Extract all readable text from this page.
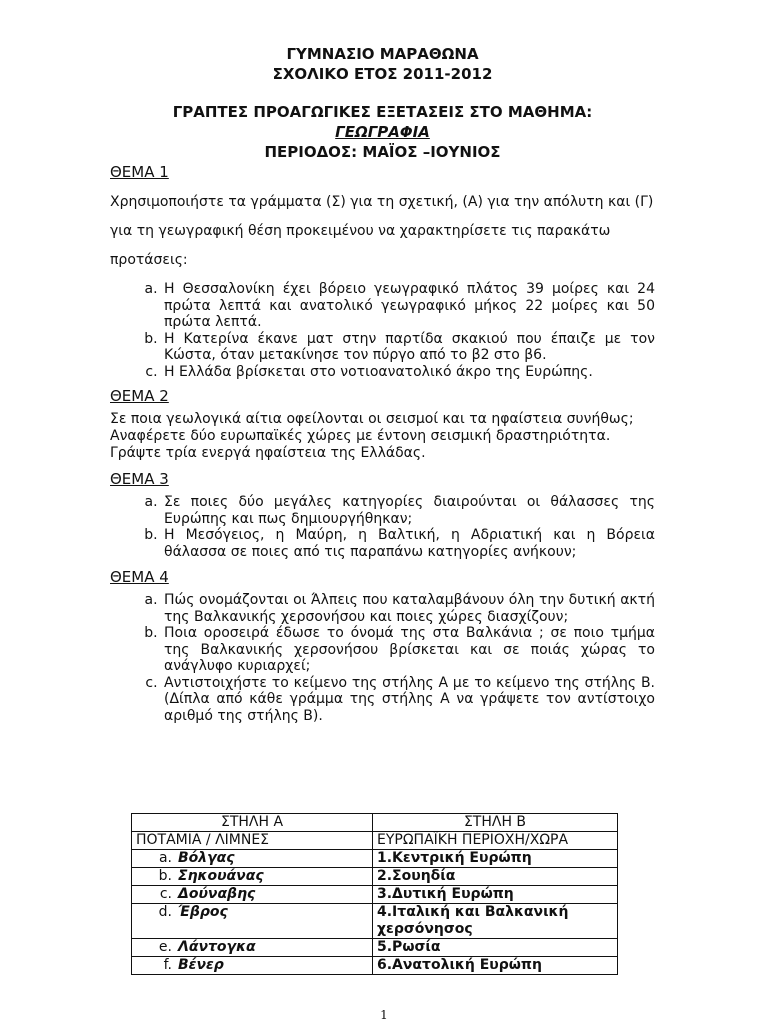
ΓΥΜΝΑΣΙΟ ΜΑΡΑΘΩΝΑ
ΣΧΟΛΙΚΟ ΕΤΟΣ 2011-2012
ΓΡΑΠΤΕΣ ΠΡΟΑΓΩΓΙΚΕΣ ΕΞΕΤΑΣΕΙΣ ΣΤΟ ΜΑΘΗΜΑ:
ΓΕΩΓΡΑΦΙΑ
ΠΕΡΙΟΔΟΣ: ΜΑΪΟΣ –ΙΟΥΝΙΟΣ
ΘΕΜΑ 1

Χρησιμοποιήστε τα γράμματα (Σ) για τη σχετική, (Α) για την απόλυτη και (Γ) για τη γεωγραφική θέση προκειμένου να χαρακτηρίσετε τις παρακάτω προτάσεις:

a. Η Θεσσαλονίκη έχει βόρειο γεωγραφικό πλάτος 39 μοίρες και 24 πρώτα λεπτά και ανατολικό γεωγραφικό μήκος 22 μοίρες και 50 πρώτα λεπτά.
b. Η Κατερίνα έκανε ματ στην παρτίδα σκακιού που έπαιζε με τον Κώστα, όταν μετακίνησε τον πύργο από το β2 στο β6.
c. Η Ελλάδα βρίσκεται στο νοτιοανατολικό άκρο της Ευρώπης.
ΘΕΜΑ 2

Σε ποια γεωλογικά αίτια οφείλονται οι σεισμοί και τα ηφαίστεια συνήθως; Αναφέρετε δύο ευρωπαϊκές χώρες με έντονη σεισμική δραστηριότητα. Γράψτε τρία ενεργά ηφαίστεια της Ελλάδας.

ΘΕΜΑ 3
a. Σε ποιες δύο μεγάλες κατηγορίες διαιρούνται οι θάλασσες της Ευρώπης και πως δημιουργήθηκαν;
b. Η Μεσόγειος, η Μαύρη, η Βαλτική, η Αδριατική και η Βόρεια θάλασσα σε ποιες από τις παραπάνω κατηγορίες ανήκουν;
ΘΕΜΑ 4
a. Πώς ονομάζονται οι Άλπεις που καταλαμβάνουν όλη την δυτική ακτή της Βαλκανικής χερσονήσου και ποιες χώρες διασχίζουν;
b. Ποια οροσειρά έδωσε το όνομά της στα Βαλκάνια ; σε ποιο τμήμα της Βαλκανικής χερσονήσου βρίσκεται και σε ποιάς χώρας το ανάγλυφο κυριαρχεί;
c. Αντιστοιχήστε το κείμενο της στήλης Α με το κείμενο της στήλης Β. (Δίπλα από κάθε γράμμα της στήλης Α να γράψετε τον αντίστοιχο αριθμό της στήλης Β).
ΣΤΗΛΗ Α	ΣΤΗΛΗ Β
ΠΟΤΑΜΙΑ / ΛΙΜΝΕΣ	ΕΥΡΩΠΑΪΚΗ ΠΕΡΙΟΧΗ/ΧΩΡΑ
a. Βόλγας	1.Κεντρική Ευρώπη
b. Σηκουάνας	2.Σουηδία
c. Δούναβης	3.Δυτική Ευρώπη
d. Έβρος	4.Ιταλική και Βαλκανική χερσόνησος
e. Λάντογκα	5.Ρωσία
f. Βένερ	6.Ανατολική Ευρώπη
1
